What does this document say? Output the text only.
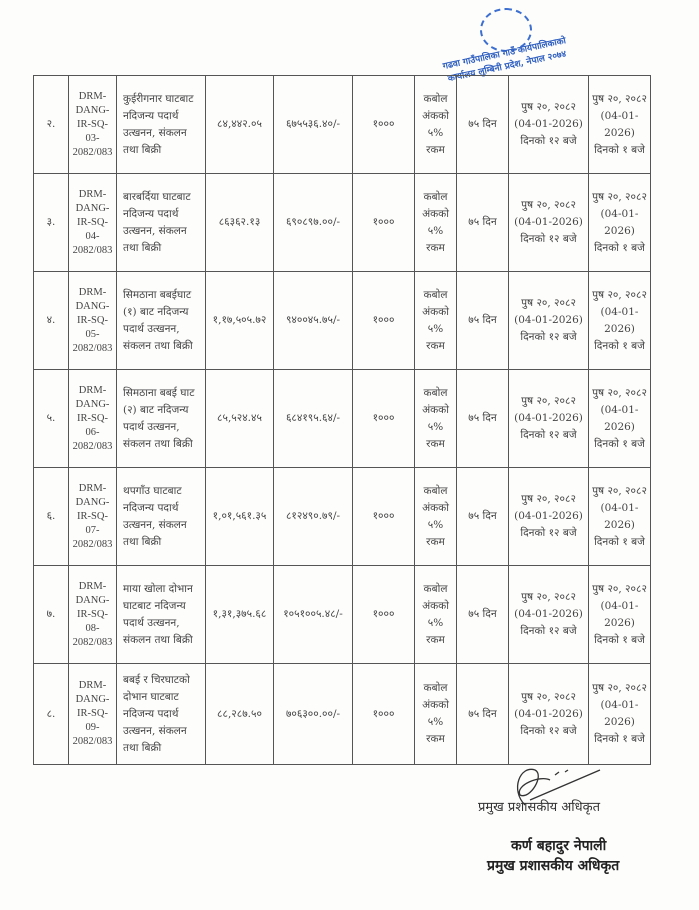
गढवा गाउँपालिका गाउँ कार्यपालिकाको कार्यालय लुम्बिनी प्रदेश, नेपाल २०७४
२.	DRM-DANG-IR-SQ-03-2082/083	कुईरीगनार घाटबाट नदिजन्य पदार्थ उत्खनन, संकलन तथा बिक्री	८४,४४२.०५	६७५५३६.४०/-	१०००	कबोल अंकको ५% रकम	७५ दिन	पुष २०, २०८२ (04-01-2026) दिनको १२ बजे	पुष २०, २०८२ (04-01-2026) दिनको १ बजे
३.	DRM-DANG-IR-SQ-04-2082/083	बारबर्दिया घाटबाट नदिजन्य पदार्थ उत्खनन, संकलन तथा बिक्री	८६३६२.१३	६९०८९७.००/-	१०००	कबोल अंकको ५% रकम	७५ दिन	पुष २०, २०८२ (04-01-2026) दिनको १२ बजे	पुष २०, २०८२ (04-01-2026) दिनको १ बजे
४.	DRM-DANG-IR-SQ-05-2082/083	सिमठाना बबईघाट (१) बाट नदिजन्य पदार्थ उत्खनन, संकलन तथा बिक्री	१,१७,५०५.७२	९४००४५.७५/-	१०००	कबोल अंकको ५% रकम	७५ दिन	पुष २०, २०८२ (04-01-2026) दिनको १२ बजे	पुष २०, २०८२ (04-01-2026) दिनको १ बजे
५.	DRM-DANG-IR-SQ-06-2082/083	सिमठाना बबई घाट (२) बाट नदिजन्य पदार्थ उत्खनन, संकलन तथा बिक्री	८५,५२४.४५	६८४१९५.६४/-	१०००	कबोल अंकको ५% रकम	७५ दिन	पुष २०, २०८२ (04-01-2026) दिनको १२ बजे	पुष २०, २०८२ (04-01-2026) दिनको १ बजे
६.	DRM-DANG-IR-SQ-07-2082/083	थपगाँउ घाटबाट नदिजन्य पदार्थ उत्खनन, संकलन तथा बिक्री	१,०१,५६१.३५	८१२४९०.७९/-	१०००	कबोल अंकको ५% रकम	७५ दिन	पुष २०, २०८२ (04-01-2026) दिनको १२ बजे	पुष २०, २०८२ (04-01-2026) दिनको १ बजे
७.	DRM-DANG-IR-SQ-08-2082/083	माया खोला दोभान घाटबाट नदिजन्य पदार्थ उत्खनन, संकलन तथा बिक्री	१,३१,३७५.६८	१०५१००५.४८/-	१०००	कबोल अंकको ५% रकम	७५ दिन	पुष २०, २०८२ (04-01-2026) दिनको १२ बजे	पुष २०, २०८२ (04-01-2026) दिनको १ बजे
८.	DRM-DANG-IR-SQ-09-2082/083	बबई र चिरघाटको दोभान घाटबाट नदिजन्य पदार्थ उत्खनन, संकलन तथा बिक्री	८८,२८७.५०	७०६३००.००/-	१०००	कबोल अंकको ५% रकम	७५ दिन	पुष २०, २०८२ (04-01-2026) दिनको १२ बजे	पुष २०, २०८२ (04-01-2026) दिनको १ बजे
प्रमुख प्रशासकीय अधिकृत
कर्ण बहादुर नेपाली
प्रमुख प्रशासकीय अधिकृत
